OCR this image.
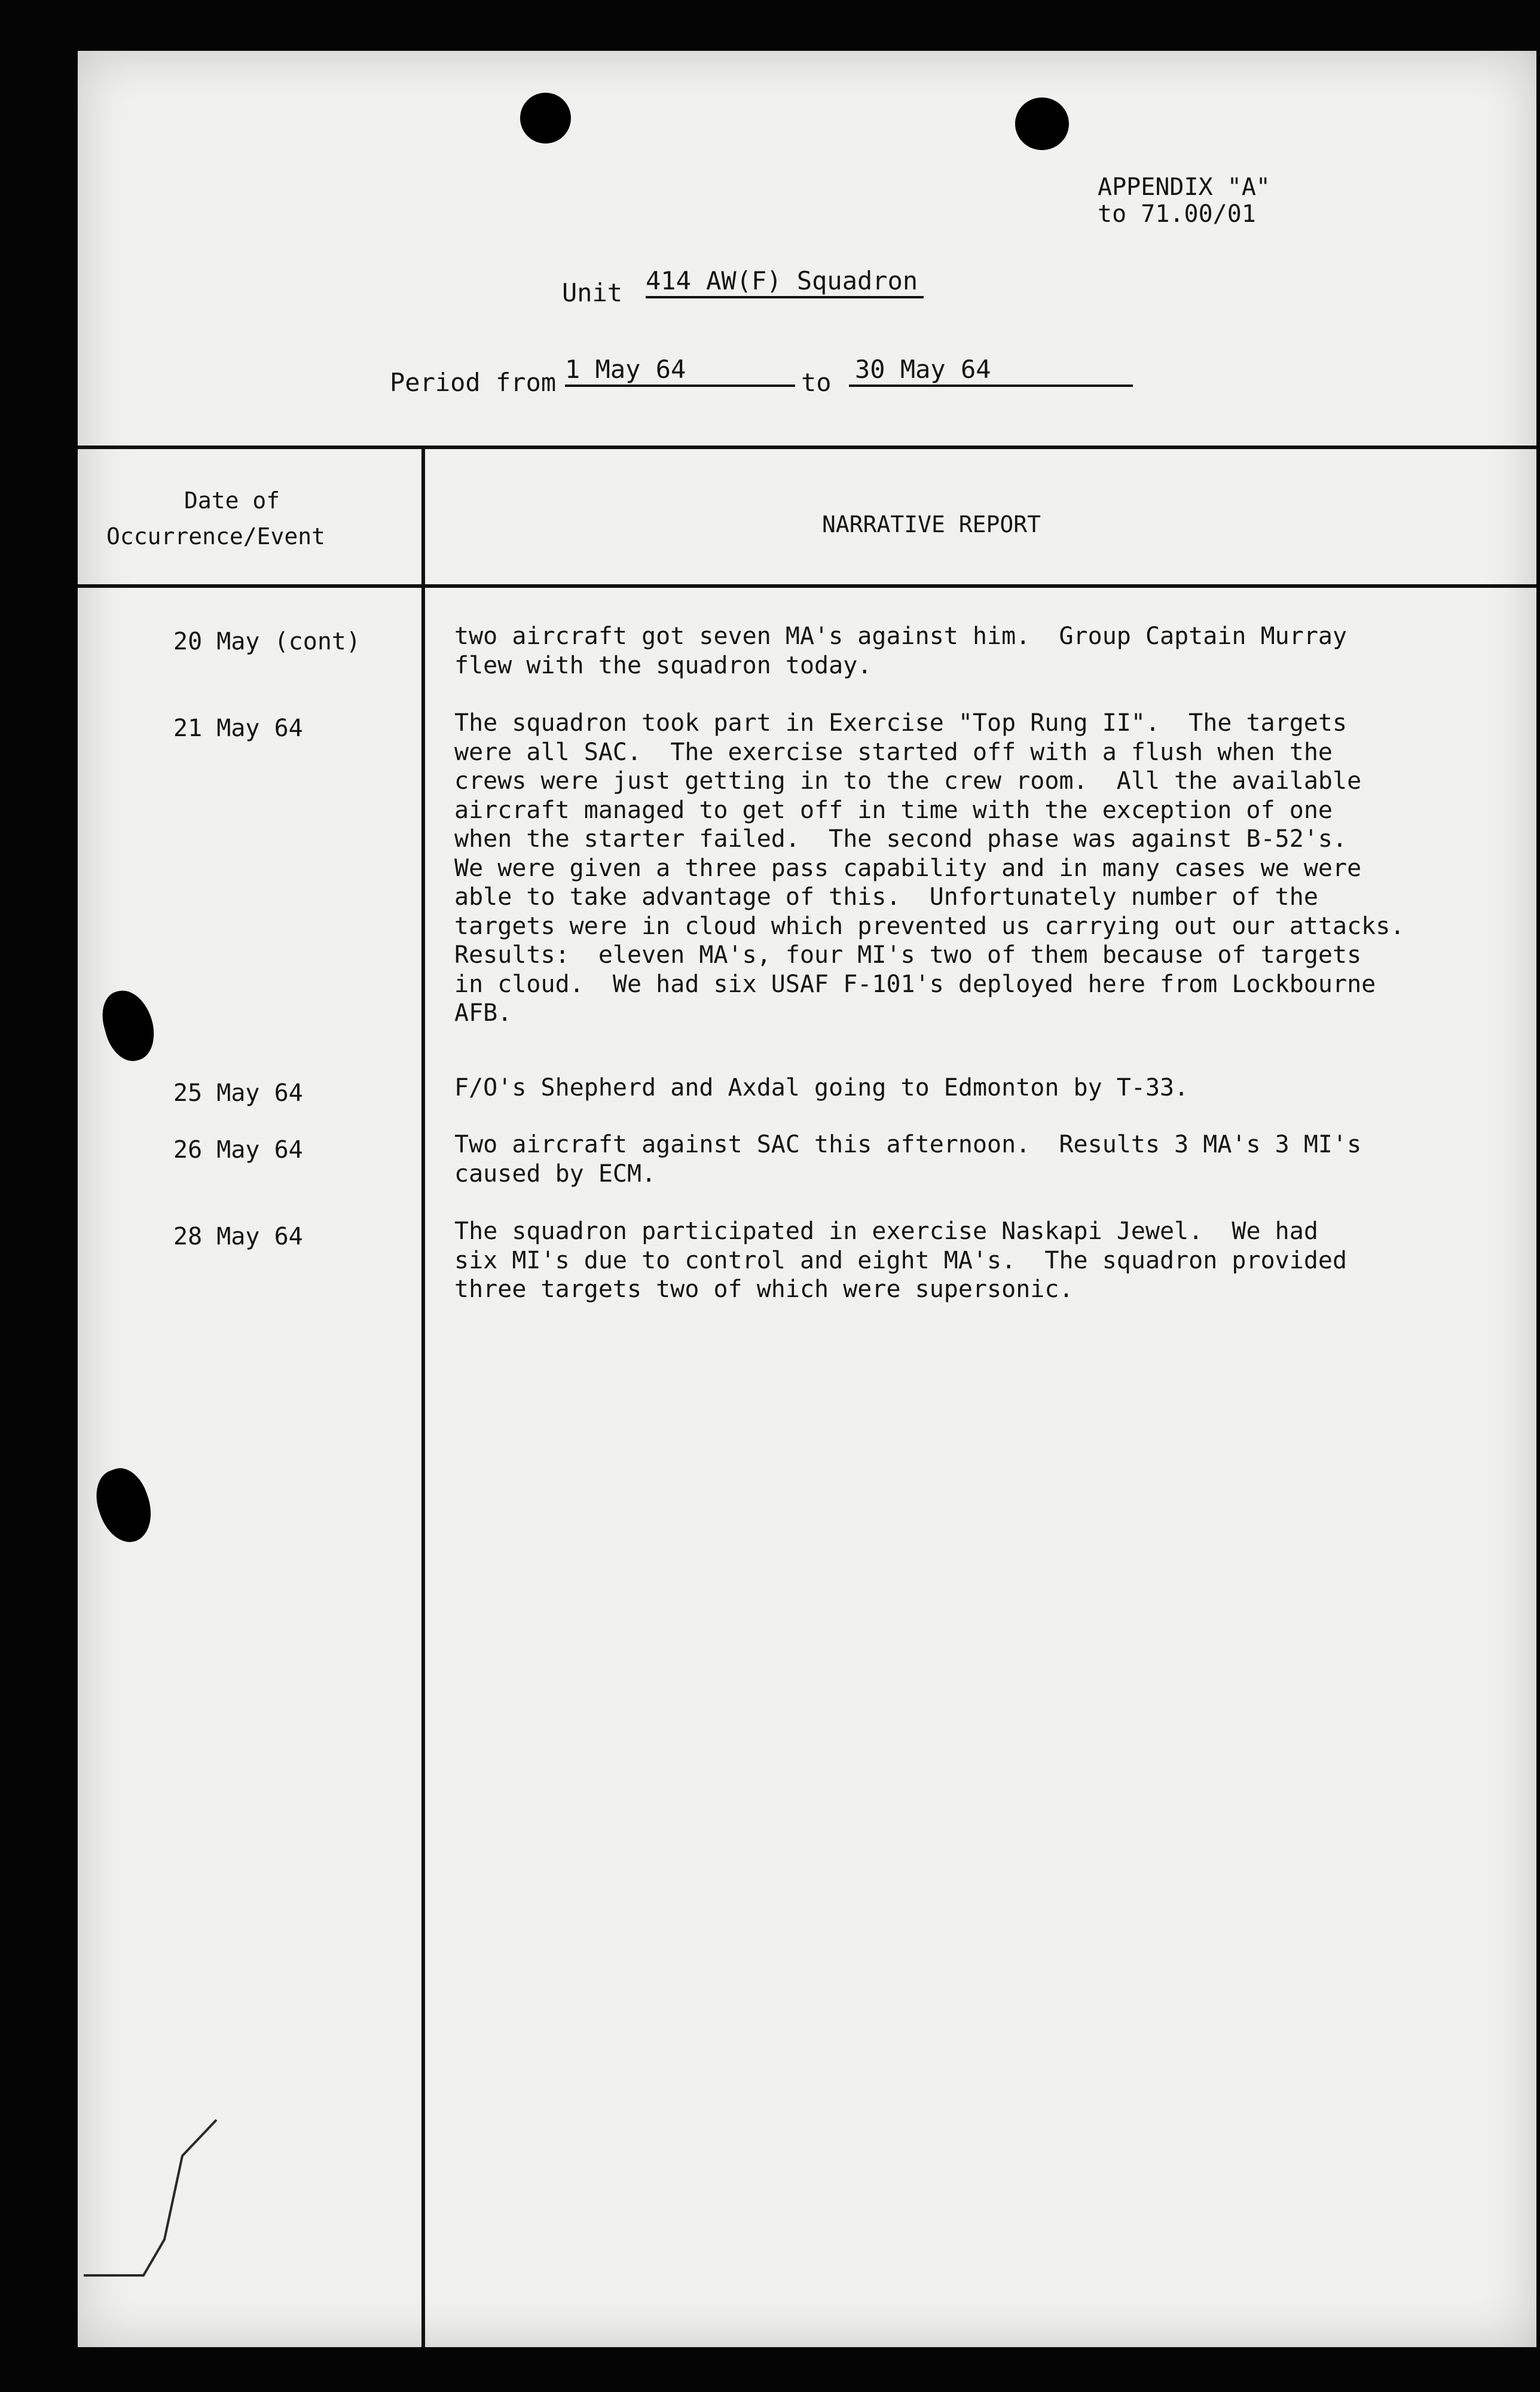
APPENDIX "A"
to 71.00/01
Unit 414 AW(F) Squadron
Period from 1 May 64	to 30 May 64
Date of
Occurrence/Event	NARRATIVE REPORT
20 May (cont)	two aircraft got seven MA's against him.  Group Captain Murray
flew with the squadron today.
21 May 64	The squadron took part in Exercise "Top Rung II".  The targets
were all SAC.  The exercise started off with a flush when the
crews were just getting in to the crew room.  All the available
aircraft managed to get off in time with the exception of one
when the starter failed.  The second phase was against B-52's.
We were given a three pass capability and in many cases we were
able to take advantage of this.  Unfortunately number of the
targets were in cloud which prevented us carrying out our attacks.
Results:  eleven MA's, four MI's two of them because of targets
in cloud.  We had six USAF F-101's deployed here from Lockbourne
AFB.
25 May 64	F/O's Shepherd and Axdal going to Edmonton by T-33.
26 May 64	Two aircraft against SAC this afternoon.  Results 3 MA's 3 MI's
caused by ECM.
28 May 64	The squadron participated in exercise Naskapi Jewel.  We had
six MI's due to control and eight MA's.  The squadron provided
three targets two of which were supersonic.
